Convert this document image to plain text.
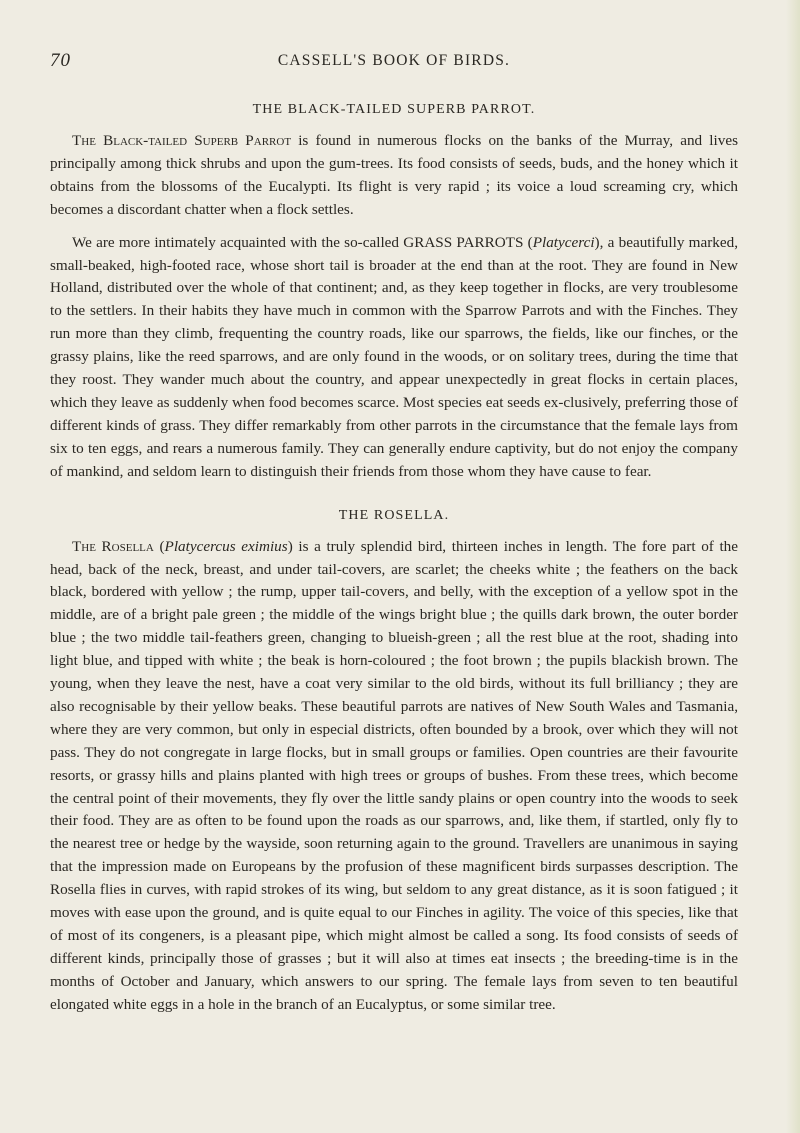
70	CASSELL'S BOOK OF BIRDS.
THE BLACK-TAILED SUPERB PARROT.

The Black-tailed Superb Parrot is found in numerous flocks on the banks of the Murray, and lives principally among thick shrubs and upon the gum-trees. Its food consists of seeds, buds, and the honey which it obtains from the blossoms of the Eucalypti. Its flight is very rapid ; its voice a loud screaming cry, which becomes a discordant chatter when a flock settles.

We are more intimately acquainted with the so-called GRASS PARROTS (Platycerci), a beautifully marked, small-beaked, high-footed race, whose short tail is broader at the end than at the root. They are found in New Holland, distributed over the whole of that continent; and, as they keep together in flocks, are very troublesome to the settlers. In their habits they have much in common with the Sparrow Parrots and with the Finches. They run more than they climb, frequenting the country roads, like our sparrows, the fields, like our finches, or the grassy plains, like the reed sparrows, and are only found in the woods, or on solitary trees, during the time that they roost. They wander much about the country, and appear unexpectedly in great flocks in certain places, which they leave as suddenly when food becomes scarce. Most species eat seeds ex-clusively, preferring those of different kinds of grass. They differ remarkably from other parrots in the circumstance that the female lays from six to ten eggs, and rears a numerous family. They can generally endure captivity, but do not enjoy the company of mankind, and seldom learn to distinguish their friends from those whom they have cause to fear.

THE ROSELLA.

The Rosella (Platycercus eximius) is a truly splendid bird, thirteen inches in length. The fore part of the head, back of the neck, breast, and under tail-covers, are scarlet; the cheeks white ; the feathers on the back black, bordered with yellow ; the rump, upper tail-covers, and belly, with the exception of a yellow spot in the middle, are of a bright pale green ; the middle of the wings bright blue ; the quills dark brown, the outer border blue ; the two middle tail-feathers green, changing to blueish-green ; all the rest blue at the root, shading into light blue, and tipped with white ; the beak is horn-coloured ; the foot brown ; the pupils blackish brown. The young, when they leave the nest, have a coat very similar to the old birds, without its full brilliancy ; they are also recognisable by their yellow beaks. These beautiful parrots are natives of New South Wales and Tasmania, where they are very common, but only in especial districts, often bounded by a brook, over which they will not pass. They do not congregate in large flocks, but in small groups or families. Open countries are their favourite resorts, or grassy hills and plains planted with high trees or groups of bushes. From these trees, which become the central point of their movements, they fly over the little sandy plains or open country into the woods to seek their food. They are as often to be found upon the roads as our sparrows, and, like them, if startled, only fly to the nearest tree or hedge by the wayside, soon returning again to the ground. Travellers are unanimous in saying that the impression made on Europeans by the profusion of these magnificent birds surpasses description. The Rosella flies in curves, with rapid strokes of its wing, but seldom to any great distance, as it is soon fatigued ; it moves with ease upon the ground, and is quite equal to our Finches in agility. The voice of this species, like that of most of its congeners, is a pleasant pipe, which might almost be called a song. Its food consists of seeds of different kinds, principally those of grasses ; but it will also at times eat insects ; the breeding-time is in the months of October and January, which answers to our spring. The female lays from seven to ten beautiful elongated white eggs in a hole in the branch of an Eucalyptus, or some similar tree.
